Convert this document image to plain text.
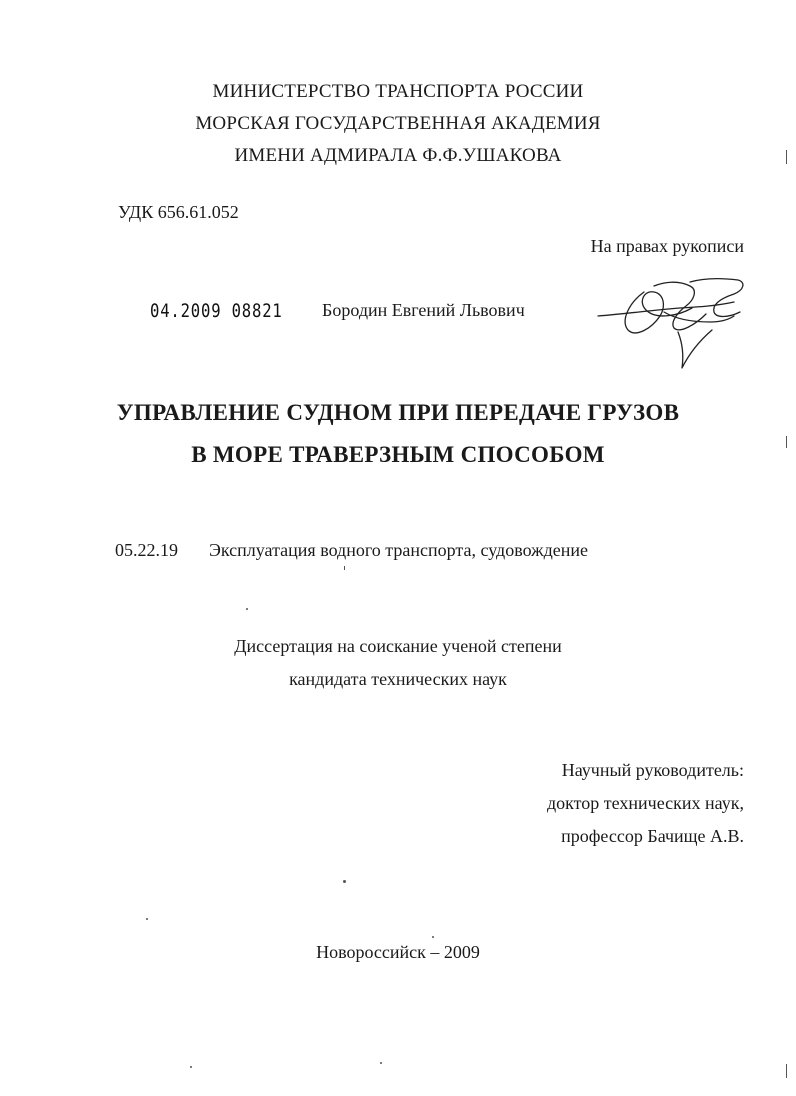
МИНИСТЕРСТВО ТРАНСПОРТА РОССИИ
МОРСКАЯ ГОСУДАРСТВЕННАЯ АКАДЕМИЯ
ИМЕНИ АДМИРАЛА Ф.Ф.УШАКОВА
УДК 656.61.052
На правах рукописи
04.2009 08821 Бородин Евгений Львович
УПРАВЛЕНИЕ СУДНОМ ПРИ ПЕРЕДАЧЕ ГРУЗОВ
В МОРЕ ТРАВЕРЗНЫМ СПОСОБОМ
05.22.19 Эксплуатация водного транспорта, судовождение
Диссертация на соискание ученой степени
кандидата технических наук
Научный руководитель:
доктор технических наук,
профессор Бачище А.В.
Новороссийск – 2009
